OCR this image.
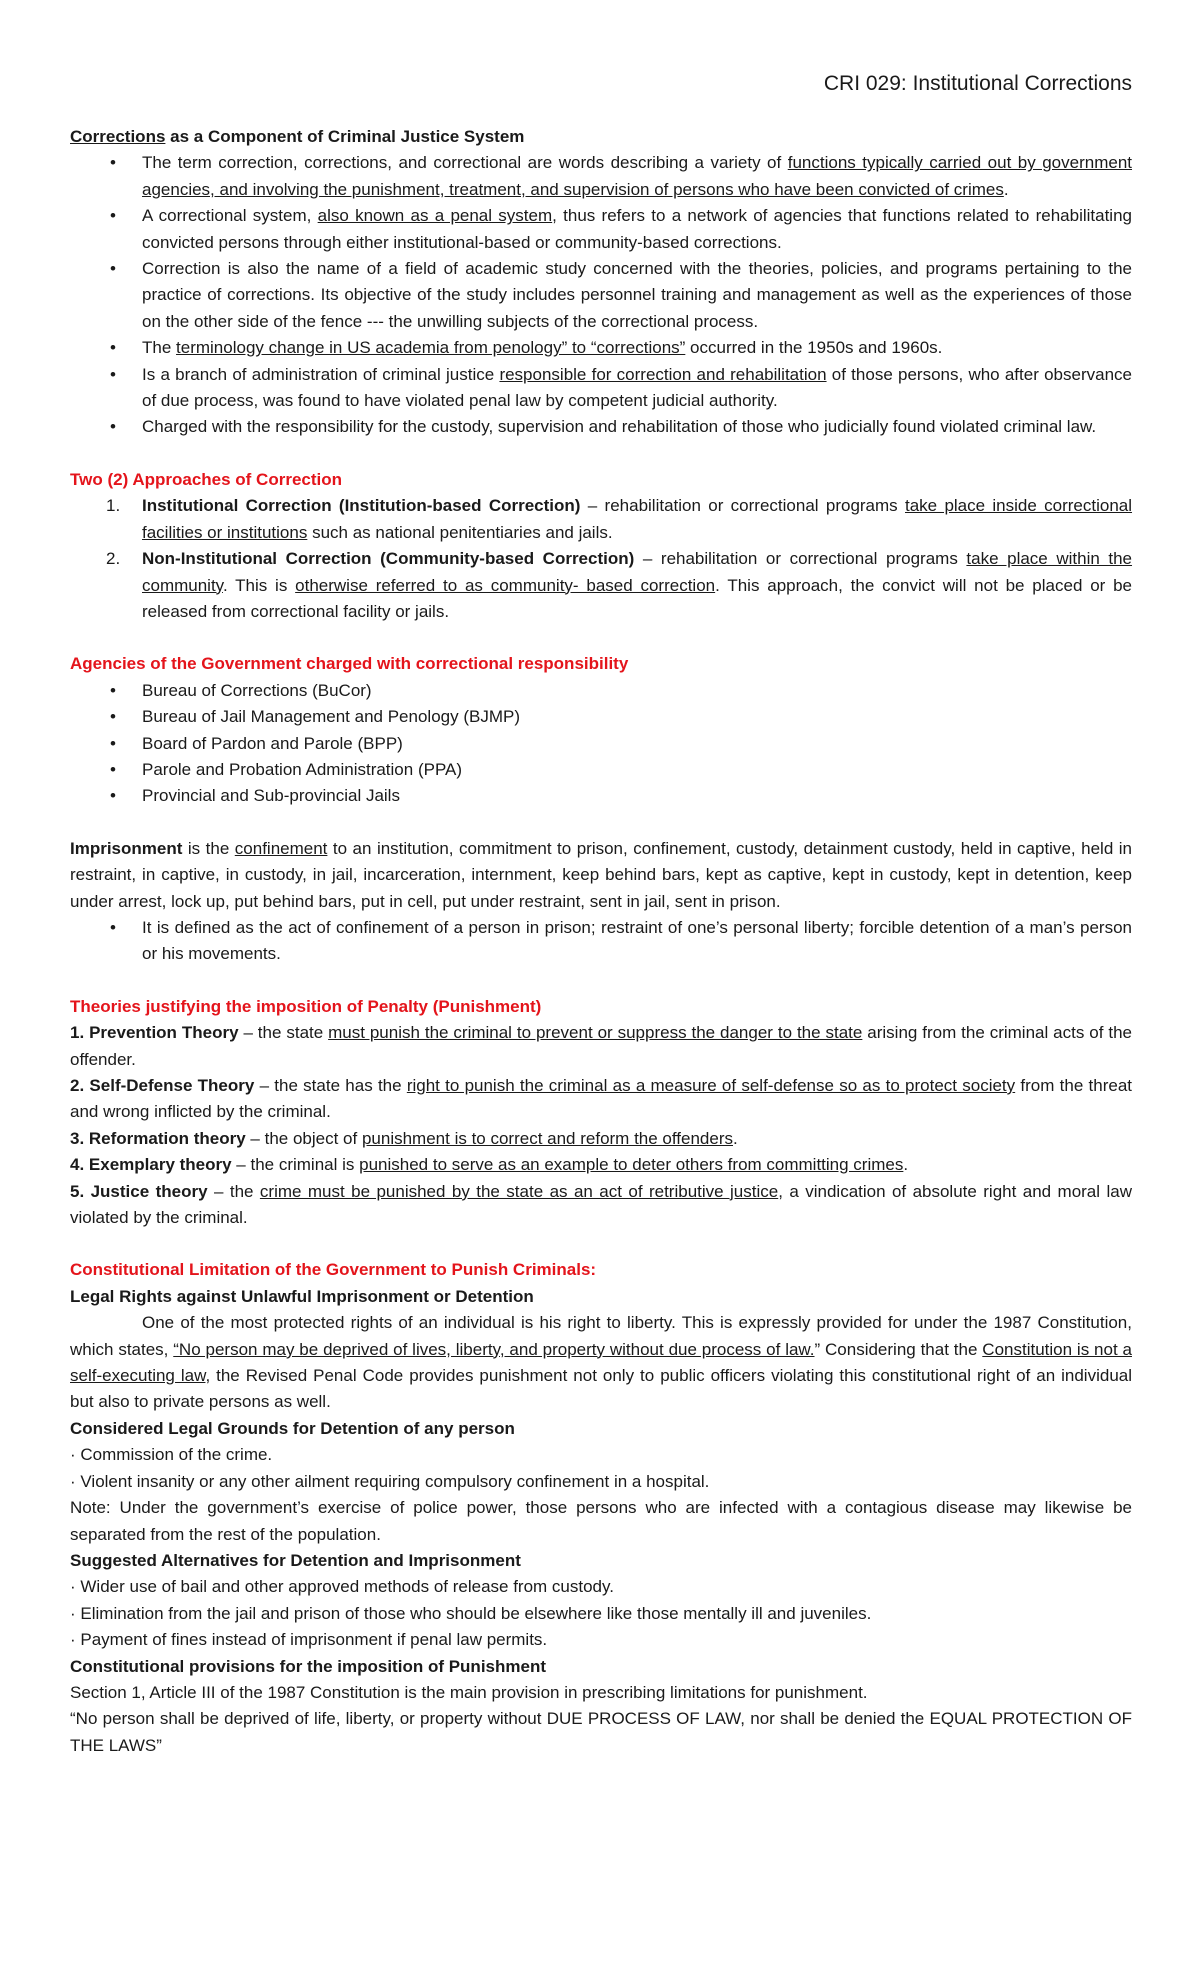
CRI 029: Institutional Corrections

Corrections as a Component of Criminal Justice System

• The term correction, corrections, and correctional are words describing a variety of functions typically carried out by government agencies, and involving the punishment, treatment, and supervision of persons who have been convicted of crimes.
• A correctional system, also known as a penal system, thus refers to a network of agencies that functions related to rehabilitating convicted persons through either institutional-based or community-based corrections.
• Correction is also the name of a field of academic study concerned with the theories, policies, and programs pertaining to the practice of corrections. Its objective of the study includes personnel training and management as well as the experiences of those on the other side of the fence --- the unwilling subjects of the correctional process.
• The terminology change in US academia from penology” to “corrections” occurred in the 1950s and 1960s.
• Is a branch of administration of criminal justice responsible for correction and rehabilitation of those persons, who after observance of due process, was found to have violated penal law by competent judicial authority.
• Charged with the responsibility for the custody, supervision and rehabilitation of those who judicially found violated criminal law.

Two (2) Approaches of Correction

1. Institutional Correction (Institution-based Correction) – rehabilitation or correctional programs take place inside correctional facilities or institutions such as national penitentiaries and jails.
2. Non-Institutional Correction (Community-based Correction) – rehabilitation or correctional programs take place within the community. This is otherwise referred to as community- based correction. This approach, the convict will not be placed or be released from correctional facility or jails.

Agencies of the Government charged with correctional responsibility

• Bureau of Corrections (BuCor)
• Bureau of Jail Management and Penology (BJMP)
• Board of Pardon and Parole (BPP)
• Parole and Probation Administration (PPA)
• Provincial and Sub-provincial Jails

Imprisonment is the confinement to an institution, commitment to prison, confinement, custody, detainment custody, held in captive, held in restraint, in captive, in custody, in jail, incarceration, internment, keep behind bars, kept as captive, kept in custody, kept in detention, keep under arrest, lock up, put behind bars, put in cell, put under restraint, sent in jail, sent in prison.

• It is defined as the act of confinement of a person in prison; restraint of one’s personal liberty; forcible detention of a man’s person or his movements.

Theories justifying the imposition of Penalty (Punishment)

1. Prevention Theory – the state must punish the criminal to prevent or suppress the danger to the state arising from the criminal acts of the offender.

2. Self-Defense Theory – the state has the right to punish the criminal as a measure of self-defense so as to protect society from the threat and wrong inflicted by the criminal.

3. Reformation theory – the object of punishment is to correct and reform the offenders.

4. Exemplary theory – the criminal is punished to serve as an example to deter others from committing crimes.

5. Justice theory – the crime must be punished by the state as an act of retributive justice, a vindication of absolute right and moral law violated by the criminal.

Constitutional Limitation of the Government to Punish Criminals:

Legal Rights against Unlawful Imprisonment or Detention

One of the most protected rights of an individual is his right to liberty. This is expressly provided for under the 1987 Constitution, which states, “No person may be deprived of lives, liberty, and property without due process of law.” Considering that the Constitution is not a self-executing law, the Revised Penal Code provides punishment not only to public officers violating this constitutional right of an individual but also to private persons as well.

Considered Legal Grounds for Detention of any person

· Commission of the crime.

· Violent insanity or any other ailment requiring compulsory confinement in a hospital.

Note: Under the government’s exercise of police power, those persons who are infected with a contagious disease may likewise be separated from the rest of the population.

Suggested Alternatives for Detention and Imprisonment

· Wider use of bail and other approved methods of release from custody.

· Elimination from the jail and prison of those who should be elsewhere like those mentally ill and juveniles.

· Payment of fines instead of imprisonment if penal law permits.

Constitutional provisions for the imposition of Punishment

Section 1, Article III of the 1987 Constitution is the main provision in prescribing limitations for punishment.

“No person shall be deprived of life, liberty, or property without DUE PROCESS OF LAW, nor shall be denied the EQUAL PROTECTION OF THE LAWS”
